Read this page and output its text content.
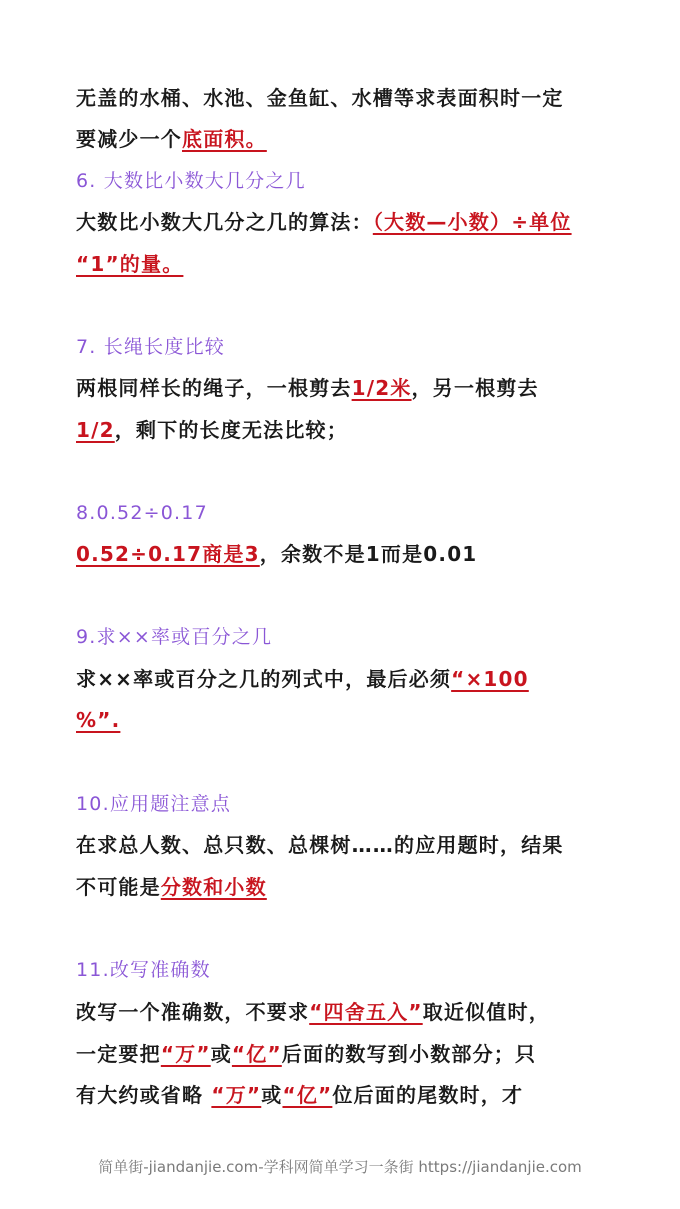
无盖的水桶、水池、金鱼缸、水槽等求表面积时一定
要减少一个底面积。
6. 大数比小数大几分之几
大数比小数大几分之几的算法：（大数—小数）÷单位
“1”的量。
7. 长绳长度比较
两根同样长的绳子，一根剪去1/2米，另一根剪去
1/2，剩下的长度无法比较；
8.0.52÷0.17
0.52÷0.17商是3，余数不是1而是0.01
9.求××率或百分之几
求××率或百分之几的列式中，最后必须“×100
%”.
10.应用题注意点
在求总人数、总只数、总棵树……的应用题时，结果
不可能是分数和小数
11.改写准确数
改写一个准确数，不要求“四舍五入”取近似值时，
一定要把“万”或“亿”后面的数写到小数部分；只
有大约或省略 “万”或“亿”位后面的尾数时，才
简单街-jiandanjie.com-学科网简单学习一条街 https://jiandanjie.com
